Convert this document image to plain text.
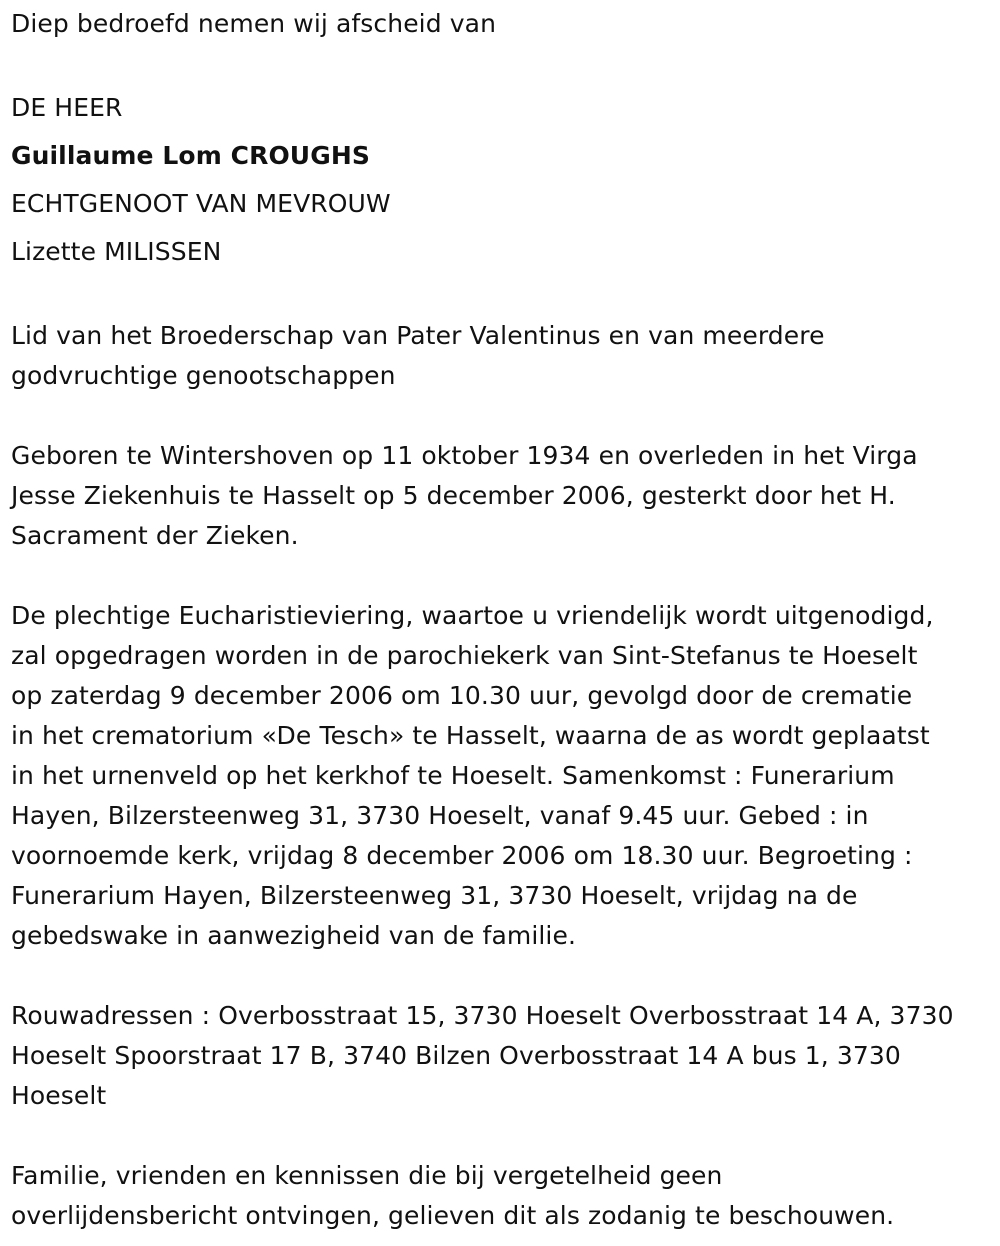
Diep bedroefd nemen wij afscheid van

DE HEER

Guillaume Lom CROUGHS

ECHTGENOOT VAN MEVROUW

Lizette MILISSEN

Lid van het Broederschap van Pater Valentinus en van meerdere

godvruchtige genootschappen

Geboren te Wintershoven op 11 oktober 1934 en overleden in het Virga

Jesse Ziekenhuis te Hasselt op 5 december 2006, gesterkt door het H.

Sacrament der Zieken.

De plechtige Eucharistieviering, waartoe u vriendelijk wordt uitgenodigd,

zal opgedragen worden in de parochiekerk van Sint-Stefanus te Hoeselt

op zaterdag 9 december 2006 om 10.30 uur, gevolgd door de crematie

in het crematorium «De Tesch» te Hasselt, waarna de as wordt geplaatst

in het urnenveld op het kerkhof te Hoeselt. Samenkomst : Funerarium

Hayen, Bilzersteenweg 31, 3730 Hoeselt, vanaf 9.45 uur. Gebed : in

voornoemde kerk, vrijdag 8 december 2006 om 18.30 uur. Begroeting :

Funerarium Hayen, Bilzersteenweg 31, 3730 Hoeselt, vrijdag na de

gebedswake in aanwezigheid van de familie.

Rouwadressen : Overbosstraat 15, 3730 Hoeselt Overbosstraat 14 A, 3730

Hoeselt Spoorstraat 17 B, 3740 Bilzen Overbosstraat 14 A bus 1, 3730

Hoeselt

Familie, vrienden en kennissen die bij vergetelheid geen

overlijdensbericht ontvingen, gelieven dit als zodanig te beschouwen.
